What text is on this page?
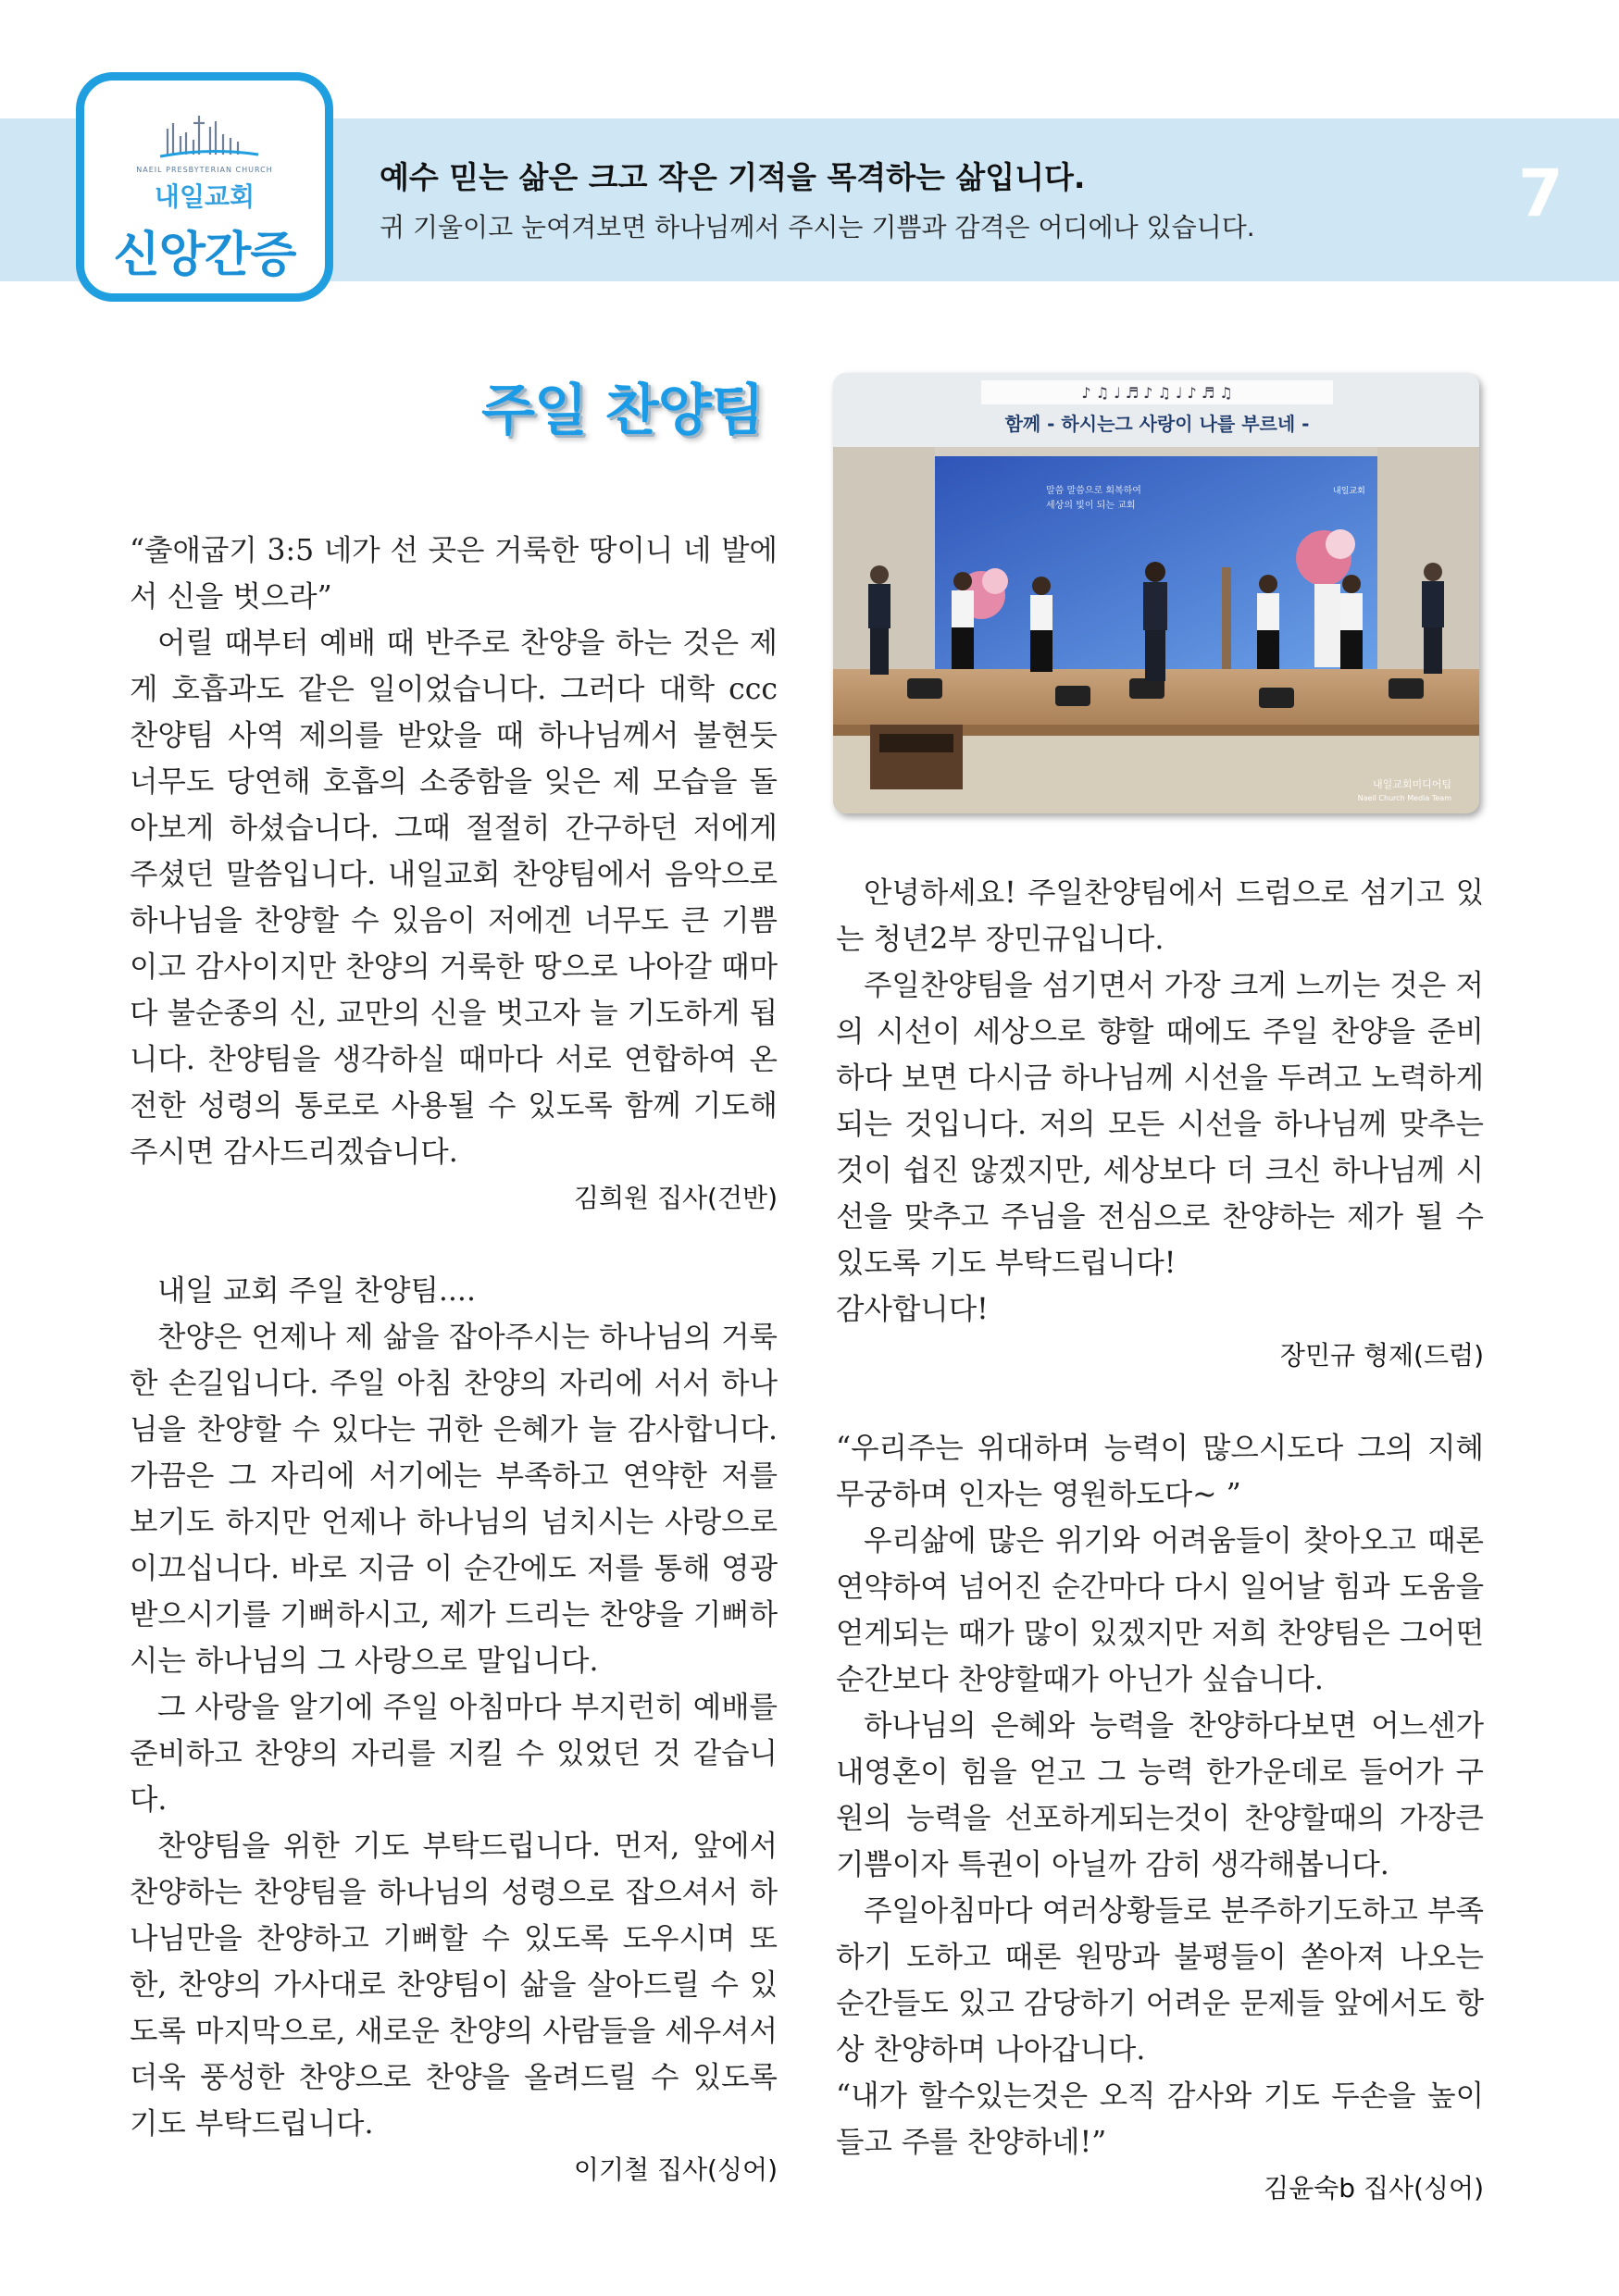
NAEIL PRESBYTERIAN CHURCH
내일교회
신앙간증
예수 믿는 삶은 크고 작은 기적을 목격하는 삶입니다.
귀 기울이고 눈여겨보면 하나님께서 주시는 기쁨과 감격은 어디에나 있습니다.	7
주일 찬양팀	♪ ♫ ♩ ♬ ♪ ♫ ♩ ♪ ♬ ♫
함께 - 하시는그 사랑이 나를 부르네 -
말씀 말씀으로 회복하여
세상의 빛이 되는 교회
내일교회
내일교회미디어팀
Naeil Church Media Team

“출애굽기 3:5 네가 선 곳은 거룩한 땅이니 네 발에서 신을 벗으라”

어릴 때부터 예배 때 반주로 찬양을 하는 것은 제게 호흡과도 같은 일이었습니다. 그러다 대학 ccc 찬양팀 사역 제의를 받았을 때 하나님께서 불현듯 너무도 당연해 호흡의 소중함을 잊은 제 모습을 돌아보게 하셨습니다. 그때 절절히 간구하던 저에게 주셨던 말씀입니다. 내일교회 찬양팀에서 음악으로 하나님을 찬양할 수 있음이 저에겐 너무도 큰 기쁨이고 감사이지만 찬양의 거룩한 땅으로 나아갈 때마다 불순종의 신, 교만의 신을 벗고자 늘 기도하게 됩니다. 찬양팀을 생각하실 때마다 서로 연합하여 온전한 성령의 통로로 사용될 수 있도록 함께 기도해주시면 감사드리겠습니다.

김희원 집사(건반)

내일 교회 주일 찬양팀....

찬양은 언제나 제 삶을 잡아주시는 하나님의 거룩한 손길입니다. 주일 아침 찬양의 자리에 서서 하나님을 찬양할 수 있다는 귀한 은혜가 늘 감사합니다. 가끔은 그 자리에 서기에는 부족하고 연약한 저를 보기도 하지만 언제나 하나님의 넘치시는 사랑으로 이끄십니다. 바로 지금 이 순간에도 저를 통해 영광 받으시기를 기뻐하시고, 제가 드리는 찬양을 기뻐하시는 하나님의 그 사랑으로 말입니다.

그 사랑을 알기에 주일 아침마다 부지런히 예배를 준비하고 찬양의 자리를 지킬 수 있었던 것 같습니다.

찬양팀을 위한 기도 부탁드립니다. 먼저, 앞에서 찬양하는 찬양팀을 하나님의 성령으로 잡으셔서 하나님만을 찬양하고 기뻐할 수 있도록 도우시며 또한, 찬양의 가사대로 찬양팀이 삶을 살아드릴 수 있도록 마지막으로, 새로운 찬양의 사람들을 세우셔서 더욱 풍성한 찬양으로 찬양을 올려드릴 수 있도록 기도 부탁드립니다.

이기철 집사(싱어)

안녕하세요! 주일찬양팀에서 드럼으로 섬기고 있는 청년2부 장민규입니다.

주일찬양팀을 섬기면서 가장 크게 느끼는 것은 저의 시선이 세상으로 향할 때에도 주일 찬양을 준비하다 보면 다시금 하나님께 시선을 두려고 노력하게 되는 것입니다. 저의 모든 시선을 하나님께 맞추는 것이 쉽진 않겠지만, 세상보다 더 크신 하나님께 시선을 맞추고 주님을 전심으로 찬양하는 제가 될 수 있도록 기도 부탁드립니다!

감사합니다!

장민규 형제(드럼)

“우리주는 위대하며 능력이 많으시도다 그의 지혜 무궁하며 인자는 영원하도다~ ”

우리삶에 많은 위기와 어려움들이 찾아오고 때론 연약하여 넘어진 순간마다 다시 일어날 힘과 도움을 얻게되는 때가 많이 있겠지만 저희 찬양팀은 그어떤 순간보다 찬양할때가 아닌가 싶습니다.

하나님의 은혜와 능력을 찬양하다보면 어느센가 내영혼이 힘을 얻고 그 능력 한가운데로 들어가 구원의 능력을 선포하게되는것이 찬양할때의 가장큰 기쁨이자 특권이 아닐까 감히 생각해봅니다.

주일아침마다 여러상황들로 분주하기도하고 부족하기 도하고 때론 원망과 불평들이 쏟아져 나오는 순간들도 있고 감당하기 어려운 문제들 앞에서도 항상 찬양하며 나아갑니다.

“내가 할수있는것은 오직 감사와 기도 두손을 높이 들고 주를 찬양하네!”

김윤숙b 집사(싱어)
